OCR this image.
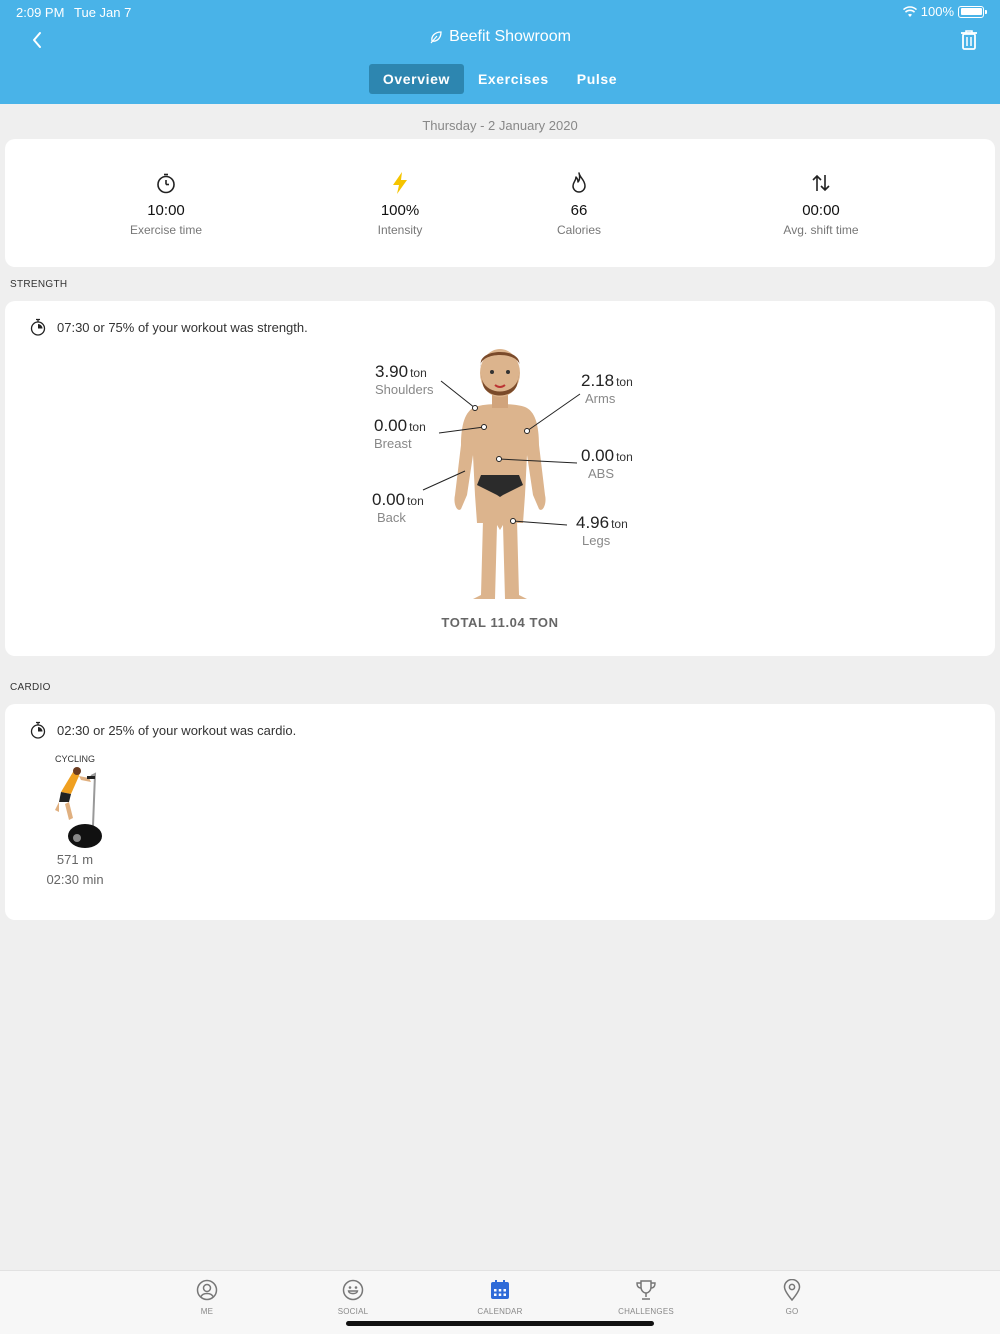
2:09 PM Tue Jan 7	100%
Beefit Showroom
Overview	Exercises	Pulse
Thursday - 2 January 2020
10:00
Exercise time
100%
Intensity
66
Calories
00:00
Avg. shift time
STRENGTH
07:30 or 75% of your workout was strength.
3.90 ton
Shoulders
0.00 ton
Breast
0.00 ton
Back
2.18 ton
Arms
0.00 ton
ABS
4.96 ton
Legs
TOTAL 11.04 TON
CARDIO
02:30 or 25% of your workout was cardio.
CYCLING
571 m
02:30 min
ME	SOCIAL	CALENDAR	CHALLENGES	GO
